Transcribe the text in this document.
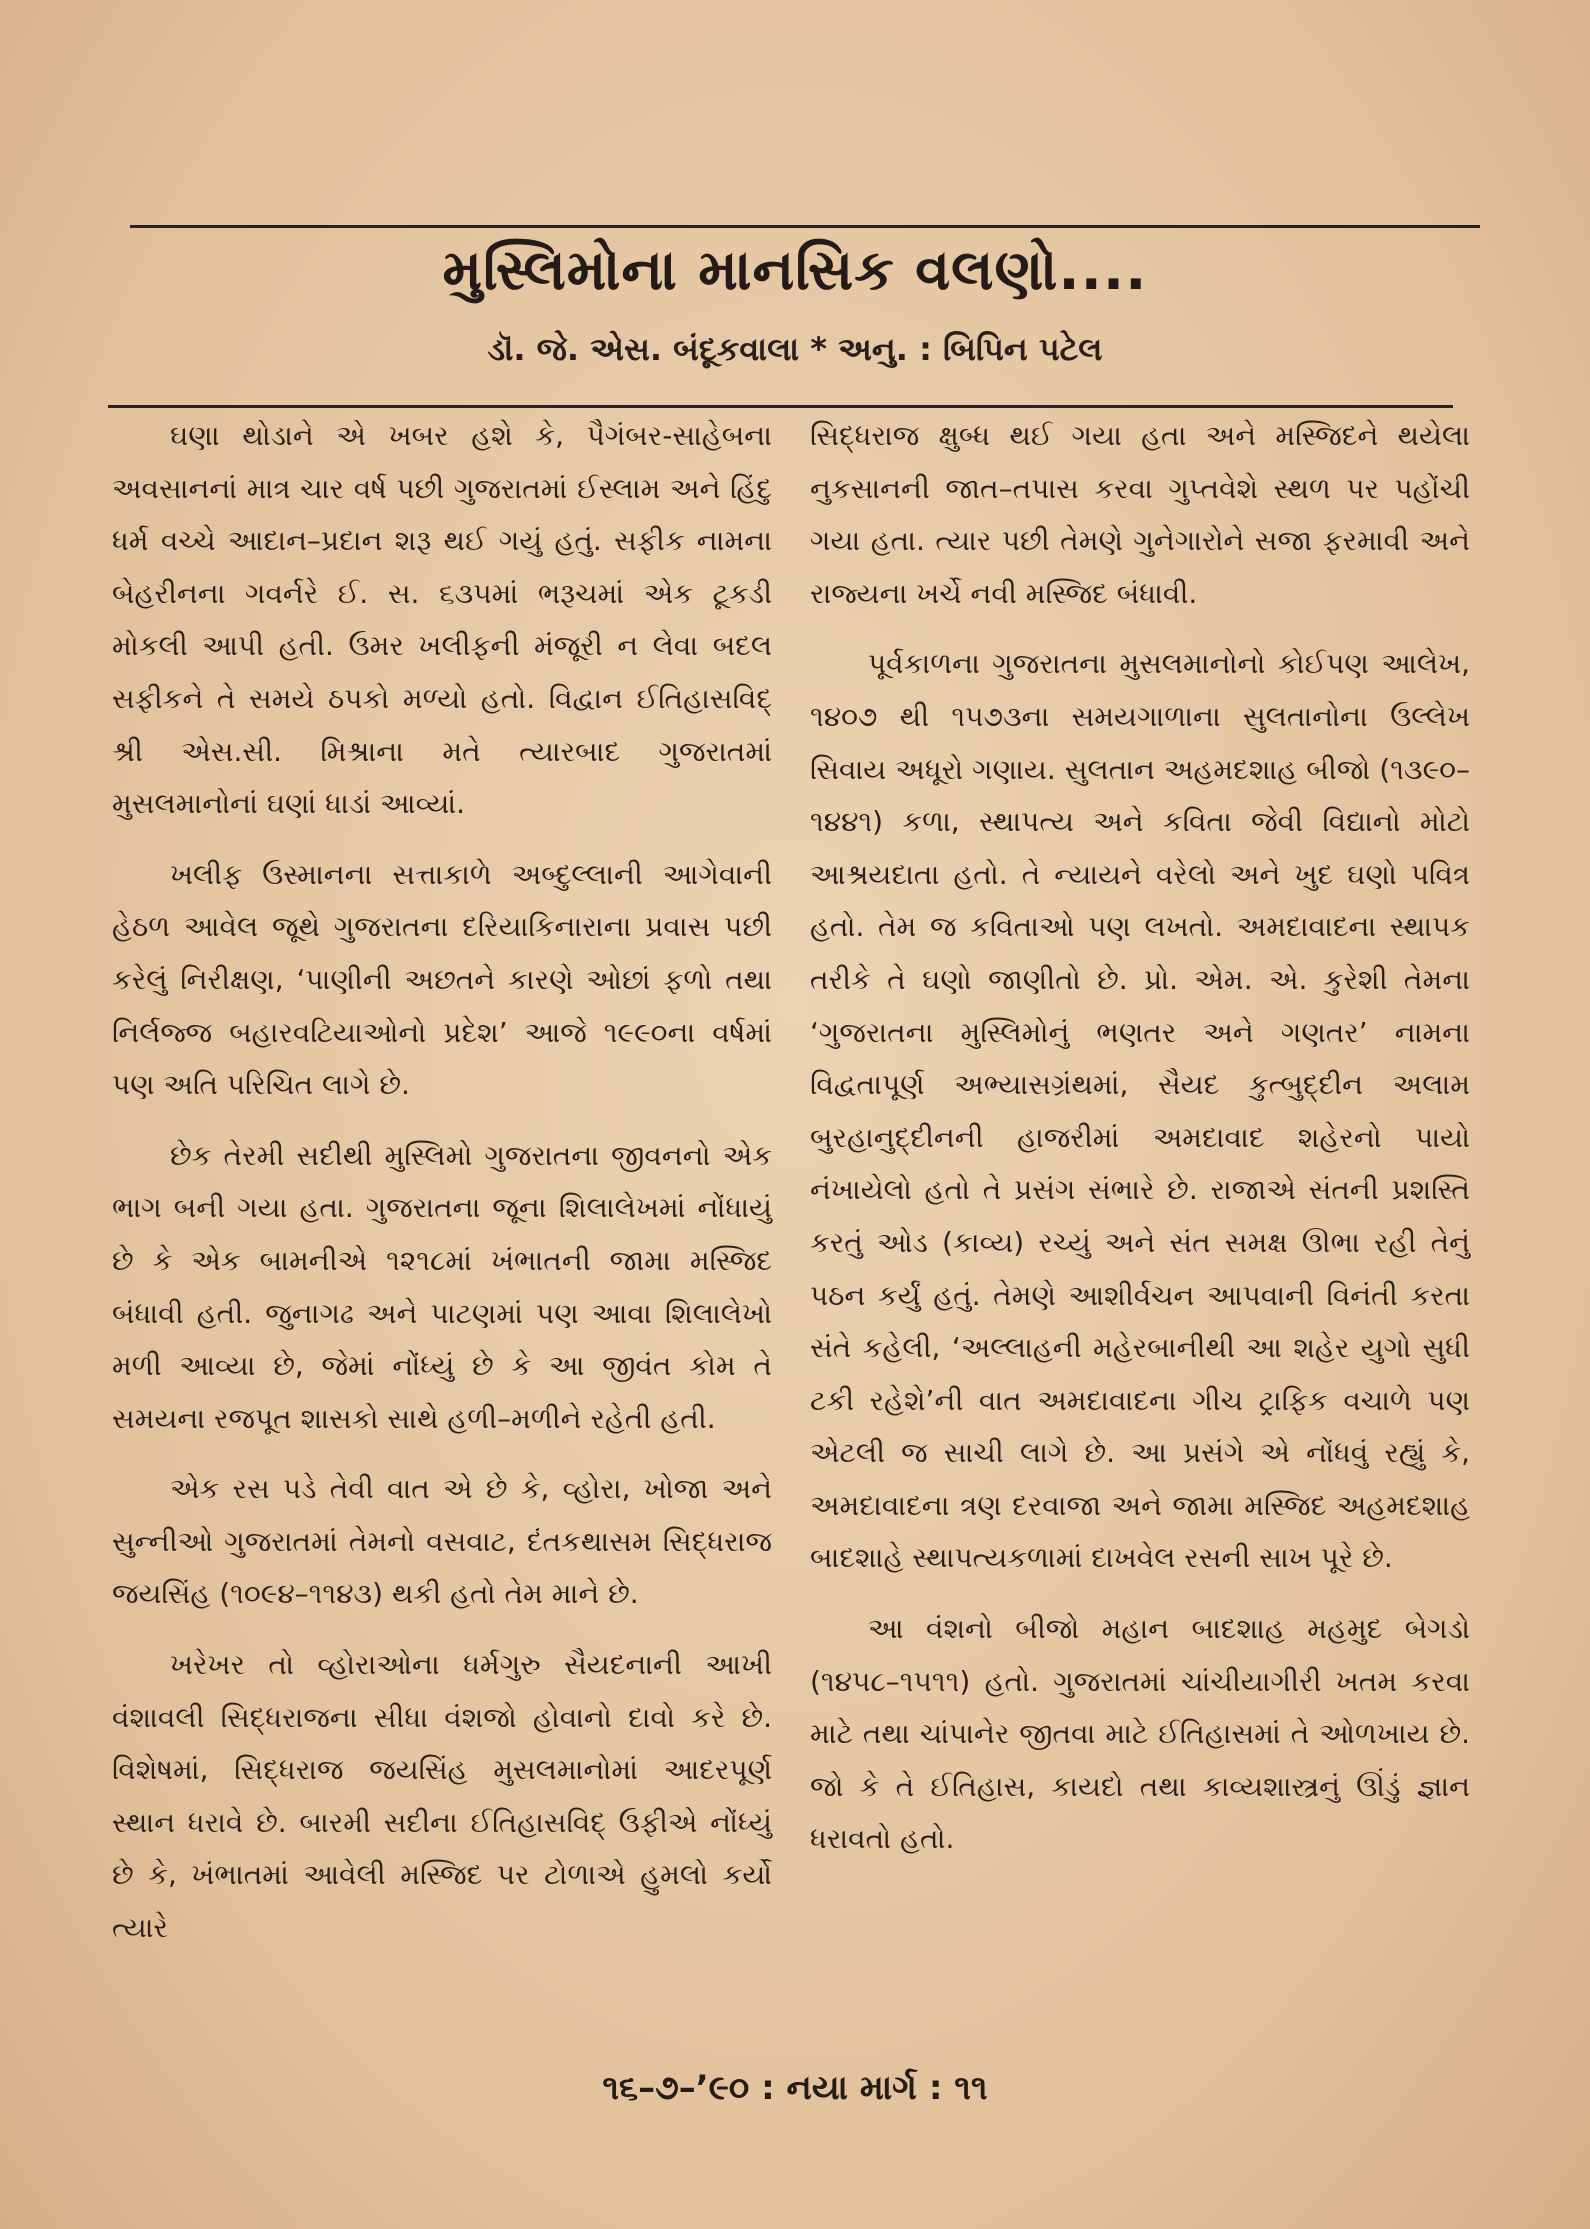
મુસ્લિમોના માનસિક વલણો....
ડૉ. જે. એસ. બંદૂકવાલા * અનુ. : બિપિન પટેલ

ઘણા થોડાને એ ખબર હશે કે, પૈગંબર-સાહેબના અવસાનનાં માત્ર ચાર વર્ષ પછી ગુજરાતમાં ઈસ્લામ અને હિંદુ ધર્મ વચ્ચે આદાન–પ્રદાન શરૂ થઈ ગયું હતું. સફીક નામના બેહરીનના ગવર્નરે ઈ. સ. ૬૩૫માં ભરૂચમાં એક ટૂકડી મોકલી આપી હતી. ઉમર ખલીફની મંજૂરી ન લેવા બદલ સફીકને તે સમયે ઠપકો મળ્યો હતો. વિદ્વાન ઈતિહાસવિદ્ શ્રી એસ.સી. મિશ્રાના મતે ત્યારબાદ ગુજરાતમાં મુસલમાનોનાં ઘણાં ધાડાં આવ્યાં.

ખલીફ ઉસ્માનના સત્તાકાળે અબ્દુલ્લાની આગેવાની હેઠળ આવેલ જૂથે ગુજરાતના દરિયાકિનારાના પ્રવાસ પછી કરેલું નિરીક્ષણ, ‘પાણીની અછતને કારણે ઓછાં ફળો તથા નિર્લજ્જ બહારવટિયાઓનો પ્રદેશ’ આજે ૧૯૯૦ના વર્ષમાં પણ અતિ પરિચિત લાગે છે.

છેક તેરમી સદીથી મુસ્લિમો ગુજરાતના જીવનનો એક ભાગ બની ગયા હતા. ગુજરાતના જૂના શિલાલેખમાં નોંધાયું છે કે એક બામનીએ ૧૨૧૮માં ખંભાતની જામા મસ્જિદ બંધાવી હતી. જુનાગઢ અને પાટણમાં પણ આવા શિલાલેખો મળી આવ્યા છે, જેમાં નોંધ્યું છે કે આ જીવંત કોમ તે સમયના રજપૂત શાસકો સાથે હળી–મળીને રહેતી હતી.

એક રસ પડે તેવી વાત એ છે કે, વ્હોરા, ખોજા અને સુન્નીઓ ગુજરાતમાં તેમનો વસવાટ, દંતકથાસમ સિદ્ધરાજ જયસિંહ (૧૦૯૪–૧૧૪૩) થકી હતો તેમ માને છે.

ખરેખર તો વ્હોરાઓના ધર્મગુરુ સૈયદનાની આખી વંશાવલી સિદ્ધરાજના સીધા વંશજો હોવાનો દાવો કરે છે. વિશેષમાં, સિદ્ધરાજ જયસિંહ મુસલમાનોમાં આદરપૂર્ણ સ્થાન ધરાવે છે. બારમી સદીના ઈતિહાસવિદ્ ઉફીએ નોંધ્યું છે કે, ખંભાતમાં આવેલી મસ્જિદ પર ટોળાએ હુમલો કર્યો ત્યારે

સિદ્ધરાજ ક્ષુબ્ધ થઈ ગયા હતા અને મસ્જિદને થયેલા નુકસાનની જાત–તપાસ કરવા ગુપ્તવેશે સ્થળ પર પહોંચી ગયા હતા. ત્યાર પછી તેમણે ગુનેગારોને સજા ફરમાવી અને રાજ્યના ખર્ચે નવી મસ્જિદ બંધાવી.

પૂર્વકાળના ગુજરાતના મુસલમાનોનો કોઈપણ આલેખ, ૧૪૦૭ થી ૧૫૭૩ના સમયગાળાના સુલતાનોના ઉલ્લેખ સિવાય અધૂરો ગણાય. સુલતાન અહમદશાહ બીજો (૧૩૯૦–૧૪૪૧) કળા, સ્થાપત્ય અને કવિતા જેવી વિદ્યાનો મોટો આશ્રયદાતા હતો. તે ન્યાયને વરેલો અને ખુદ ઘણો પવિત્ર હતો. તેમ જ કવિતાઓ પણ લખતો. અમદાવાદના સ્થાપક તરીકે તે ઘણો જાણીતો છે. પ્રો. એમ. એ. કુરેશી તેમના ‘ગુજરાતના મુસ્લિમોનું ભણતર અને ગણતર’ નામના વિદ્વતાપૂર્ણ અભ્યાસગ્રંથમાં, સૈયદ કુત્બુદ્દીન અલામ બુરહાનુદ્દીનની હાજરીમાં અમદાવાદ શહેરનો પાયો નંખાયેલો હતો તે પ્રસંગ સંભારે છે. રાજાએ સંતની પ્રશસ્તિ કરતું ઓડ (કાવ્ય) રચ્યું અને સંત સમક્ષ ઊભા રહી તેનું પઠન કર્યું હતું. તેમણે આશીર્વચન આપવાની વિનંતી કરતા સંતે કહેલી, ‘અલ્લાહની મહેરબાનીથી આ શહેર યુગો સુધી ટકી રહેશે’ની વાત અમદાવાદના ગીચ ટ્રાફિક વચાળે પણ એટલી જ સાચી લાગે છે. આ પ્રસંગે એ નોંધવું રહ્યું કે, અમદાવાદના ત્રણ દરવાજા અને જામા મસ્જિદ અહમદશાહ બાદશાહે સ્થાપત્યકળામાં દાખવેલ રસની સાખ પૂરે છે.

આ વંશનો બીજો મહાન બાદશાહ મહમુદ બેગડો (૧૪૫૮–૧૫૧૧) હતો. ગુજરાતમાં ચાંચીયાગીરી ખતમ કરવા માટે તથા ચાંપાનેર જીતવા માટે ઈતિહાસમાં તે ઓળખાય છે. જો કે તે ઈતિહાસ, કાયદો તથા કાવ્યશાસ્ત્રનું ઊંડું જ્ઞાન ધરાવતો હતો.

૧૬–૭–’૯૦ : નયા માર્ગ : ૧૧
